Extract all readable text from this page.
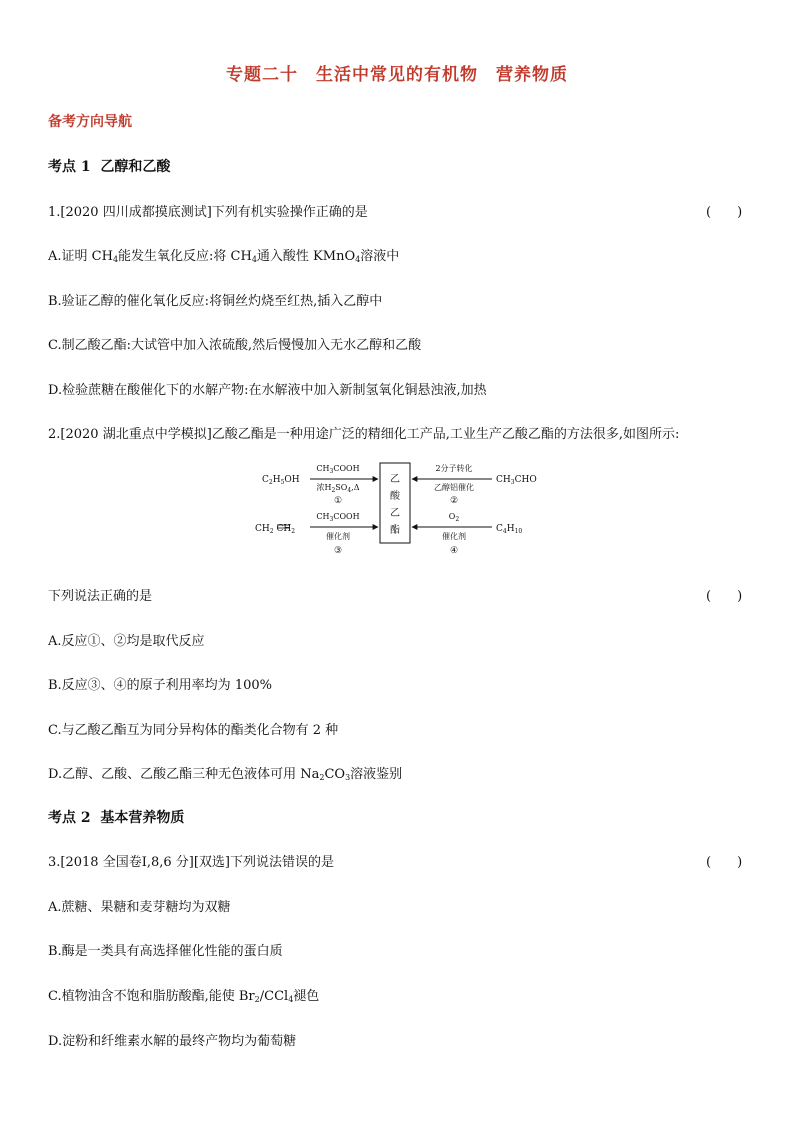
专题二十　生活中常见的有机物　营养物质
备考方向导航
考点 1 乙醇和乙酸
1.[2020 四川成都摸底测试]下列有机实验操作正确的是	(　　)
A.证明 $CH_4$能发生氧化反应:将 $CH_4$通入酸性 KMnO$_4$溶液中
B.验证乙醇的催化氧化反应:将铜丝灼烧至红热,插入乙醇中
C.制乙酸乙酯:大试管中加入浓硫酸,然后慢慢加入无水乙醇和乙酸
D.检验蔗糖在酸催化下的水解产物:在水解液中加入新制氢氧化铜悬浊液,加热
2.[2020 湖北重点中学模拟]乙酸乙酯是一种用途广泛的精细化工产品,工业生产乙酸乙酯的方法很多,如图所示:
乙
酸
乙
酯
$C_2H_5OH$
$CH_3COOH$
浓$H_2SO_4,\Delta$
①
$CH_2$ $CH_2$
$CH_3COOH$
催化剂
③
$CH_3CHO$
2分子转化
乙醇铝催化
②
$C_4H_{10}$
$O_2$
催化剂
④
下列说法正确的是	(　　)
A.反应①、②均是取代反应
B.反应③、④的原子利用率均为 100%
C.与乙酸乙酯互为同分异构体的酯类化合物有 2 种
D.乙醇、乙酸、乙酸乙酯三种无色液体可用 $Na_2CO_3$溶液鉴别
考点 2 基本营养物质
3.[2018 全国卷Ⅰ,8,6 分][双选]下列说法错误的是	(　　)
A.蔗糖、果糖和麦芽糖均为双糖
B.酶是一类具有高选择催化性能的蛋白质
C.植物油含不饱和脂肪酸酯,能使 $Br_2/CCl_4$褪色
D.淀粉和纤维素水解的最终产物均为葡萄糖
